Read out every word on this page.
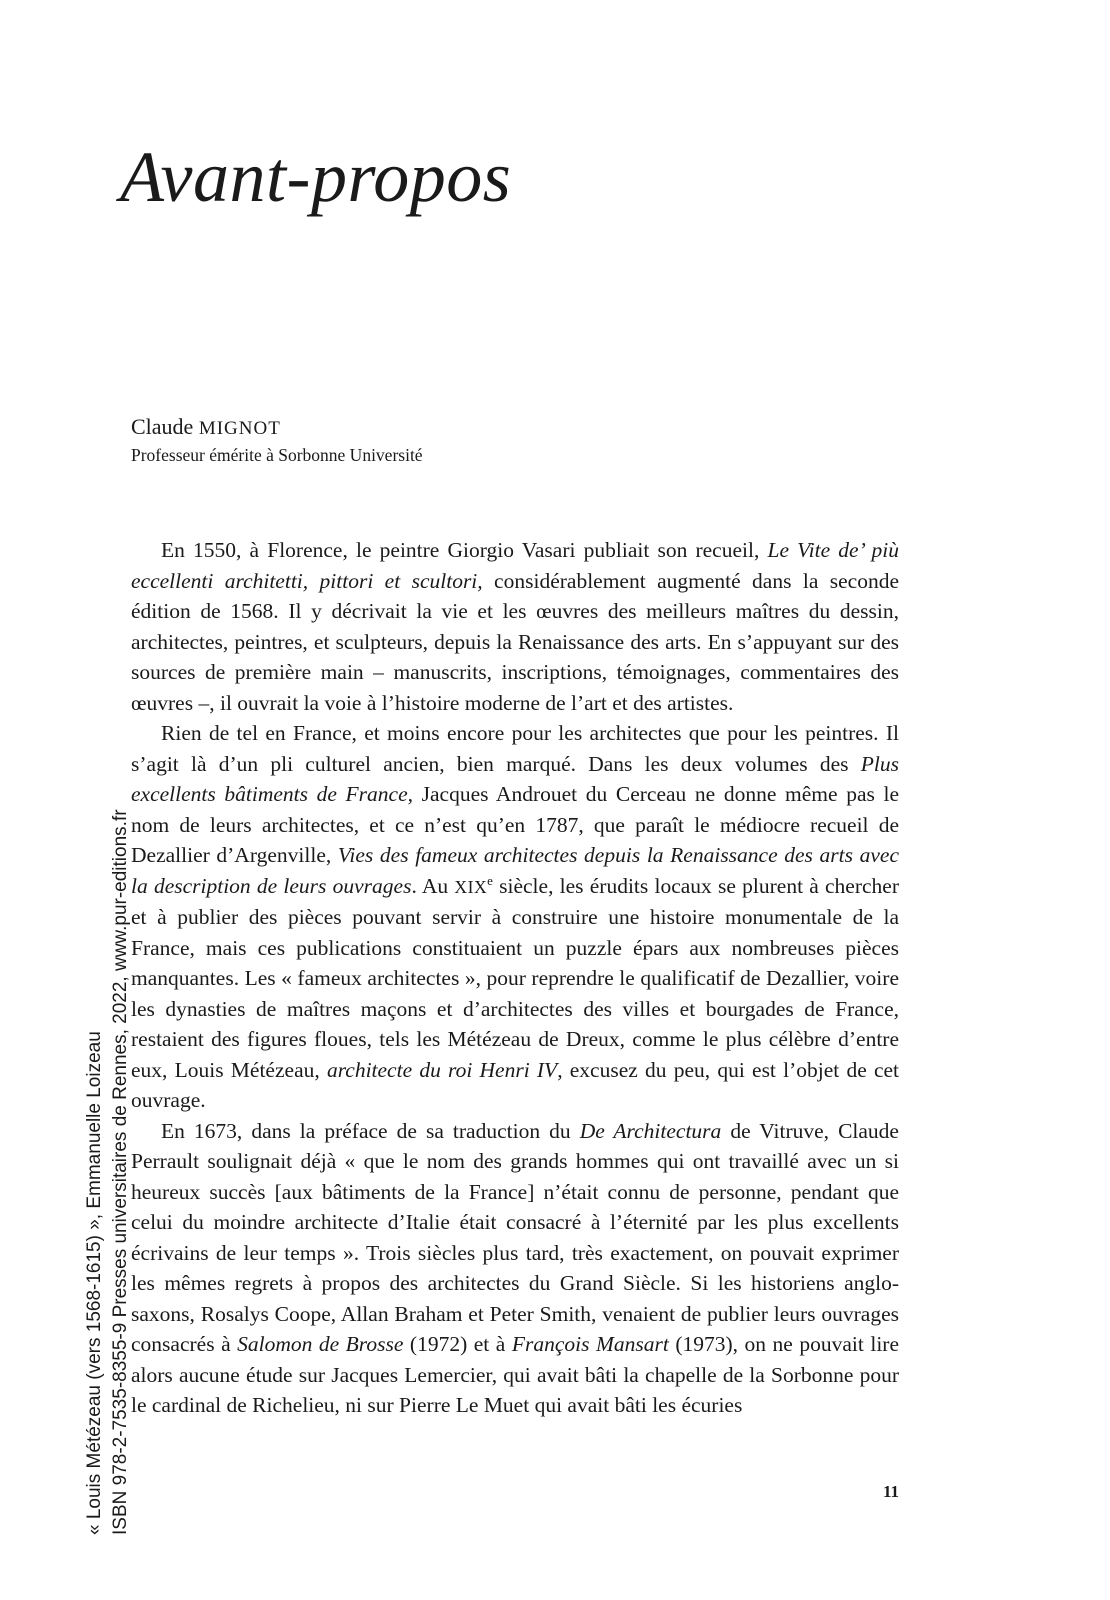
Avant-propos
Claude MIGNOT
Professeur émérite à Sorbonne Université

En 1550, à Florence, le peintre Giorgio Vasari publiait son recueil, Le Vite de’ più eccellenti architetti, pittori et scultori, considérablement augmenté dans la seconde édition de 1568. Il y décrivait la vie et les œuvres des meilleurs maîtres du dessin, architectes, peintres, et sculpteurs, depuis la Renaissance des arts. En s’appuyant sur des sources de première main – manuscrits, inscriptions, témoignages, commentaires des œuvres –, il ouvrait la voie à l’histoire moderne de l’art et des artistes.

Rien de tel en France, et moins encore pour les architectes que pour les peintres. Il s’agit là d’un pli culturel ancien, bien marqué. Dans les deux volumes des Plus excellents bâtiments de France, Jacques Androuet du Cerceau ne donne même pas le nom de leurs architectes, et ce n’est qu’en 1787, que paraît le médiocre recueil de Dezallier d’Argenville, Vies des fameux architectes depuis la Renaissance des arts avec la description de leurs ouvrages. Au XIXe siècle, les érudits locaux se plurent à chercher et à publier des pièces pouvant servir à construire une histoire monumentale de la France, mais ces publications constituaient un puzzle épars aux nombreuses pièces manquantes. Les « fameux architectes », pour reprendre le qualificatif de Dezallier, voire les dynasties de maîtres maçons et d’architectes des villes et bourgades de France, restaient des figures floues, tels les Métézeau de Dreux, comme le plus célèbre d’entre eux, Louis Métézeau, architecte du roi Henri IV, excusez du peu, qui est l’objet de cet ouvrage.

En 1673, dans la préface de sa traduction du De Architectura de Vitruve, Claude Perrault soulignait déjà « que le nom des grands hommes qui ont travaillé avec un si heureux succès [aux bâtiments de la France] n’était connu de personne, pendant que celui du moindre architecte d’Italie était consacré à l’éternité par les plus excellents écrivains de leur temps ». Trois siècles plus tard, très exactement, on pouvait exprimer les mêmes regrets à propos des architectes du Grand Siècle. Si les historiens anglo-saxons, Rosalys Coope, Allan Braham et Peter Smith, venaient de publier leurs ouvrages consacrés à Salomon de Brosse (1972) et à François Mansart (1973), on ne pouvait lire alors aucune étude sur Jacques Lemercier, qui avait bâti la chapelle de la Sorbonne pour le cardinal de Richelieu, ni sur Pierre Le Muet qui avait bâti les écuries

11
« Louis Métézeau (vers 1568-1615) », Emmanuelle Loizeau ISBN 978-2-7535-8355-9 Presses universitaires de Rennes, 2022, www.pur-editions.fr
